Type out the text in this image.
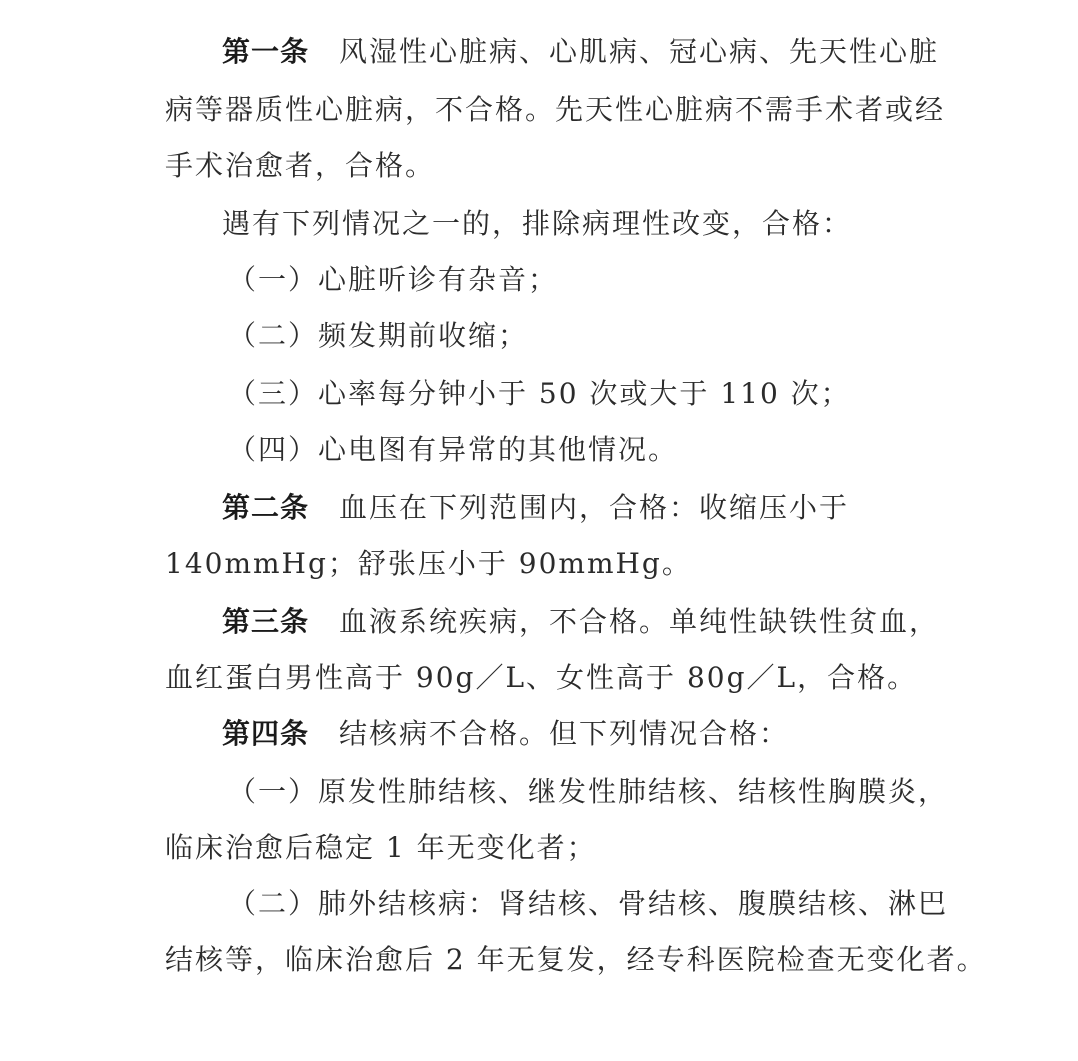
第一条 风湿性心脏病、心肌病、冠心病、先天性心脏
病等器质性心脏病，不合格。先天性心脏病不需手术者或经
手术治愈者，合格。
遇有下列情况之一的，排除病理性改变，合格：
（一）心脏听诊有杂音；
（二）频发期前收缩；
（三）心率每分钟小于 50 次或大于 110 次；
（四）心电图有异常的其他情况。
第二条 血压在下列范围内，合格：收缩压小于
140mmHg；舒张压小于 90mmHg。
第三条 血液系统疾病，不合格。单纯性缺铁性贫血，
血红蛋白男性高于 90g／L、女性高于 80g／L，合格。
第四条 结核病不合格。但下列情况合格：
（一）原发性肺结核、继发性肺结核、结核性胸膜炎，
临床治愈后稳定 1 年无变化者；
（二）肺外结核病：肾结核、骨结核、腹膜结核、淋巴
结核等，临床治愈后 2 年无复发，经专科医院检查无变化者。
